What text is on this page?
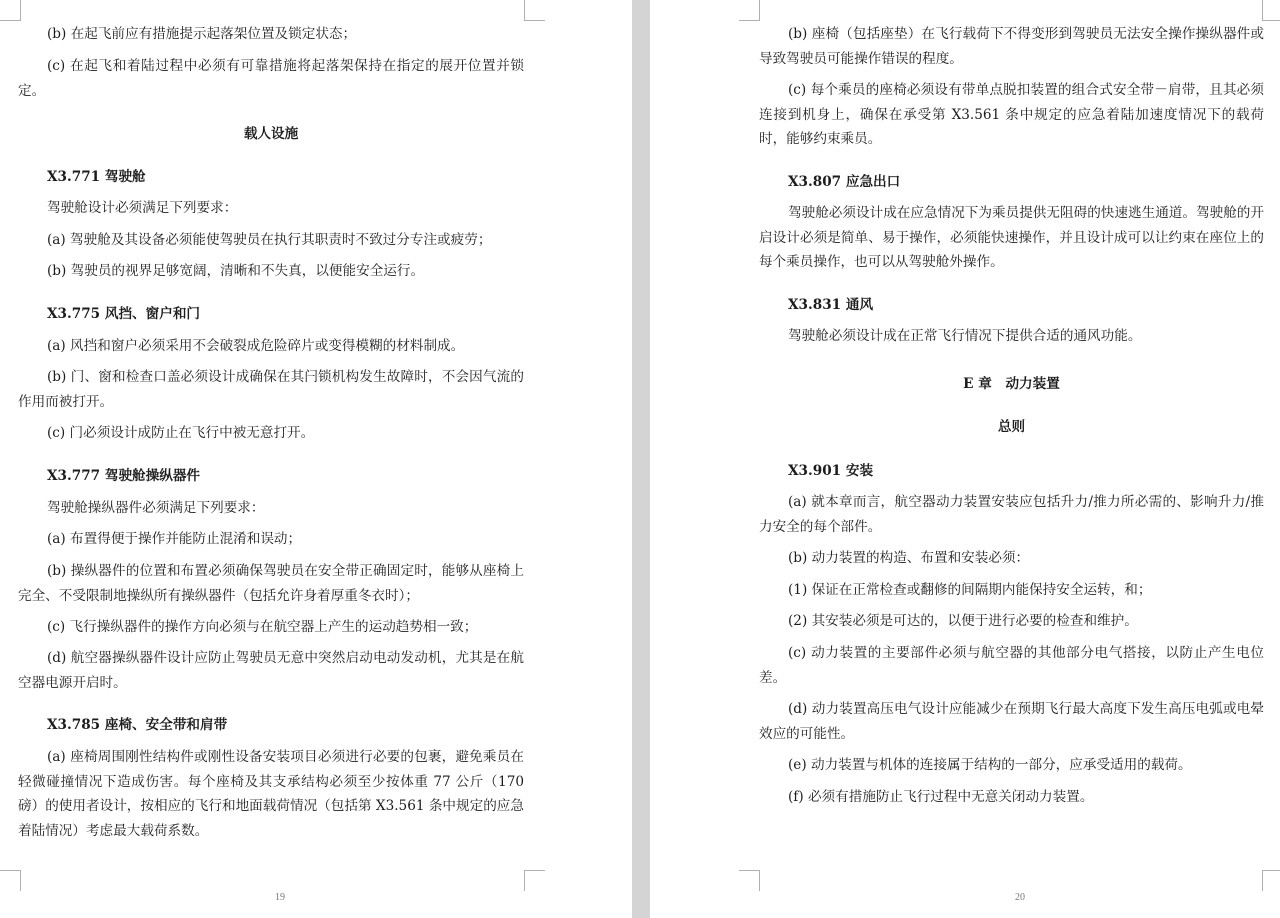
(b) 在起飞前应有措施提示起落架位置及锁定状态；
(c) 在起飞和着陆过程中必须有可靠措施将起落架保持在指定的展开位置并锁定。
载人设施
X3.771 驾驶舱
驾驶舱设计必须满足下列要求：
(a) 驾驶舱及其设备必须能使驾驶员在执行其职责时不致过分专注或疲劳；
(b) 驾驶员的视界足够宽阔，清晰和不失真，以便能安全运行。
X3.775 风挡、窗户和门
(a) 风挡和窗户必须采用不会破裂成危险碎片或变得模糊的材料制成。
(b) 门、窗和检查口盖必须设计成确保在其闩锁机构发生故障时，不会因气流的作用而被打开。
(c) 门必须设计成防止在飞行中被无意打开。
X3.777 驾驶舱操纵器件
驾驶舱操纵器件必须满足下列要求：
(a) 布置得便于操作并能防止混淆和误动；
(b) 操纵器件的位置和布置必须确保驾驶员在安全带正确固定时，能够从座椅上完全、不受限制地操纵所有操纵器件（包括允许身着厚重冬衣时）；
(c) 飞行操纵器件的操作方向必须与在航空器上产生的运动趋势相一致；
(d) 航空器操纵器件设计应防止驾驶员无意中突然启动电动发动机，尤其是在航空器电源开启时。
X3.785 座椅、安全带和肩带
(a) 座椅周围刚性结构件或刚性设备安装项目必须进行必要的包裹，避免乘员在轻微碰撞情况下造成伤害。每个座椅及其支承结构必须至少按体重 77 公斤（170 磅）的使用者设计，按相应的飞行和地面载荷情况（包括第 X3.561 条中规定的应急着陆情况）考虑最大载荷系数。
19
(b) 座椅（包括座垫）在飞行载荷下不得变形到驾驶员无法安全操作操纵器件或导致驾驶员可能操作错误的程度。
(c) 每个乘员的座椅必须设有带单点脱扣装置的组合式安全带－肩带，且其必须连接到机身上，确保在承受第 X3.561 条中规定的应急着陆加速度情况下的载荷时，能够约束乘员。
X3.807 应急出口
驾驶舱必须设计成在应急情况下为乘员提供无阻碍的快速逃生通道。驾驶舱的开启设计必须是简单、易于操作，必须能快速操作，并且设计成可以让约束在座位上的每个乘员操作，也可以从驾驶舱外操作。
X3.831 通风
驾驶舱必须设计成在正常飞行情况下提供合适的通风功能。
E 章　动力装置
总则
X3.901 安装
(a) 就本章而言，航空器动力装置安装应包括升力/推力所必需的、影响升力/推力安全的每个部件。
(b) 动力装置的构造、布置和安装必须：
(1) 保证在正常检查或翻修的间隔期内能保持安全运转，和；
(2) 其安装必须是可达的，以便于进行必要的检查和维护。
(c) 动力装置的主要部件必须与航空器的其他部分电气搭接，以防止产生电位差。
(d) 动力装置高压电气设计应能减少在预期飞行最大高度下发生高压电弧或电晕效应的可能性。
(e) 动力装置与机体的连接属于结构的一部分，应承受适用的载荷。
(f) 必须有措施防止飞行过程中无意关闭动力装置。
20
